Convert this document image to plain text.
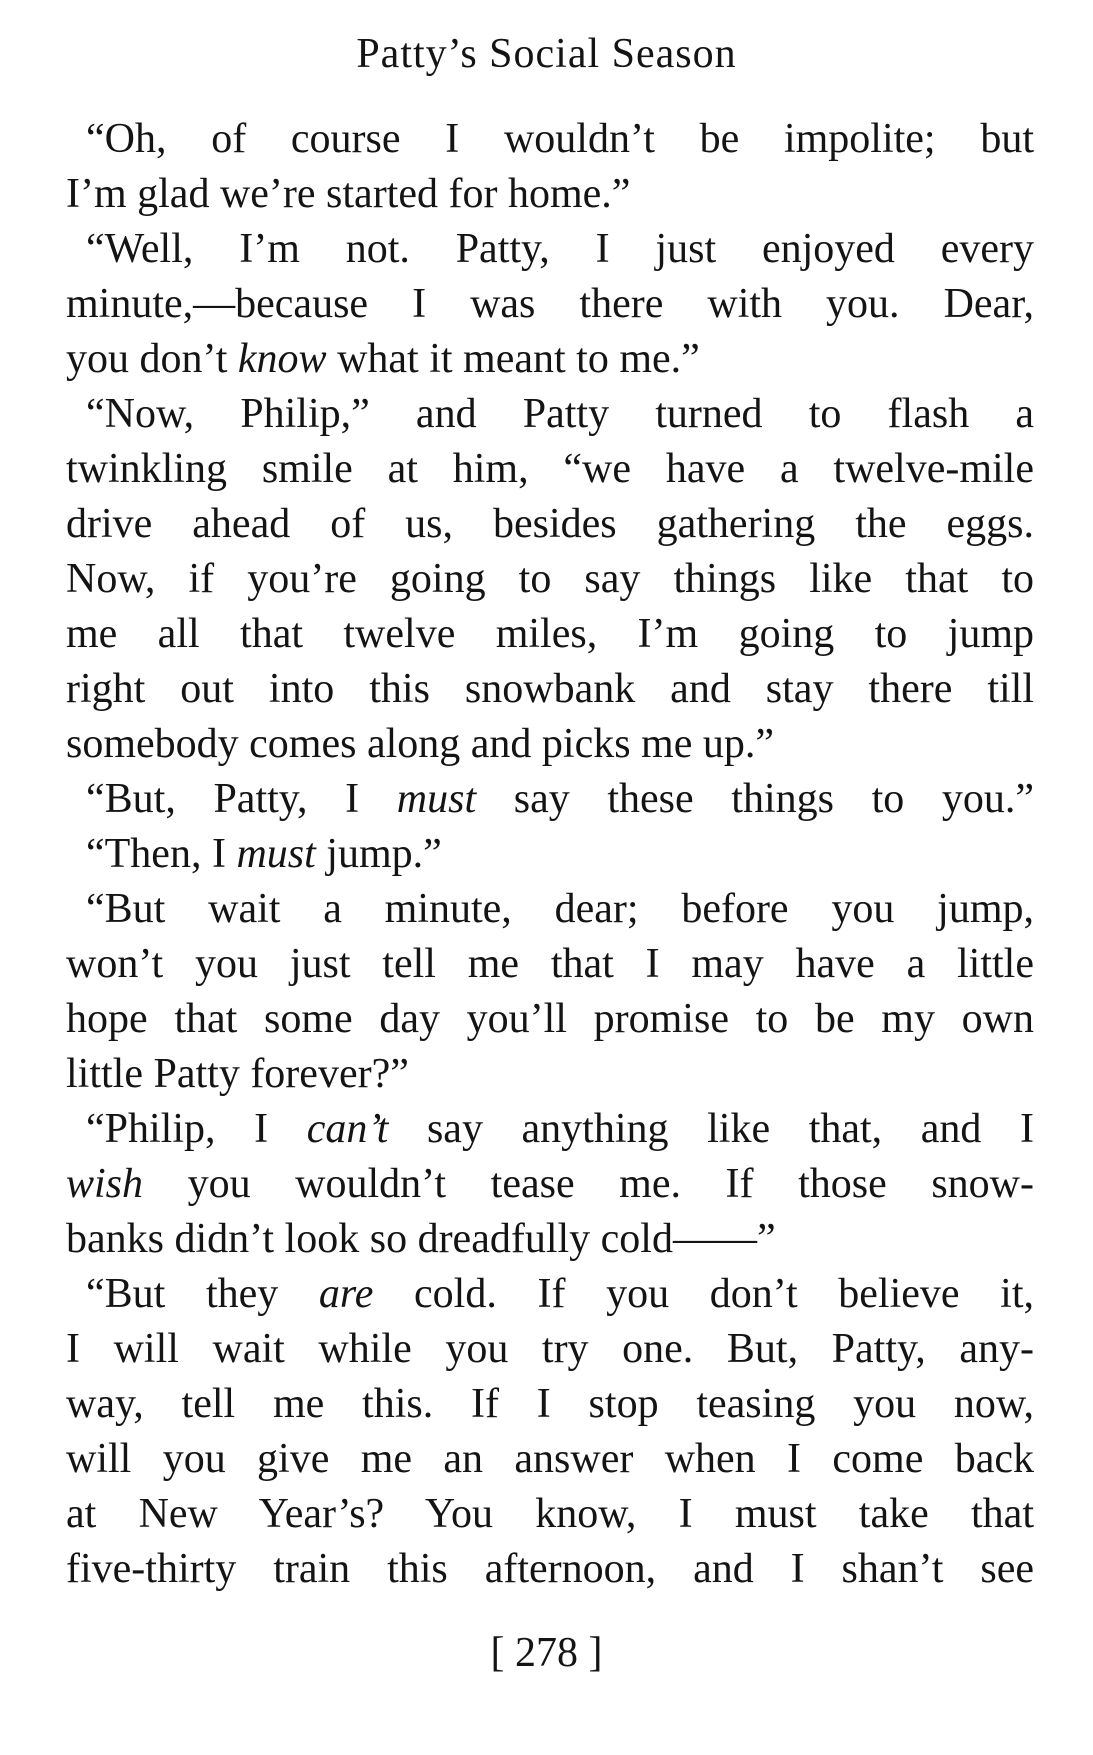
Patty’s Social Season
“Oh, of course I wouldn’t be impolite; but
I’m glad we’re started for home.”
“Well, I’m not. Patty, I just enjoyed every
minute,—because I was there with you. Dear,
you don’t know what it meant to me.”
“Now, Philip,” and Patty turned to flash a
twinkling smile at him, “we have a twelve-mile
drive ahead of us, besides gathering the eggs.
Now, if you’re going to say things like that to
me all that twelve miles, I’m going to jump
right out into this snowbank and stay there till
somebody comes along and picks me up.”
“But, Patty, I must say these things to you.”
“Then, I must jump.”
“But wait a minute, dear; before you jump,
won’t you just tell me that I may have a little
hope that some day you’ll promise to be my own
little Patty forever?”
“Philip, I can’t say anything like that, and I
wish you wouldn’t tease me. If those snow-
banks didn’t look so dreadfully cold——”
“But they are cold. If you don’t believe it,
I will wait while you try one. But, Patty, any-
way, tell me this. If I stop teasing you now,
will you give me an answer when I come back
at New Year’s? You know, I must take that
five-thirty train this afternoon, and I shan’t see
[ 278 ]
